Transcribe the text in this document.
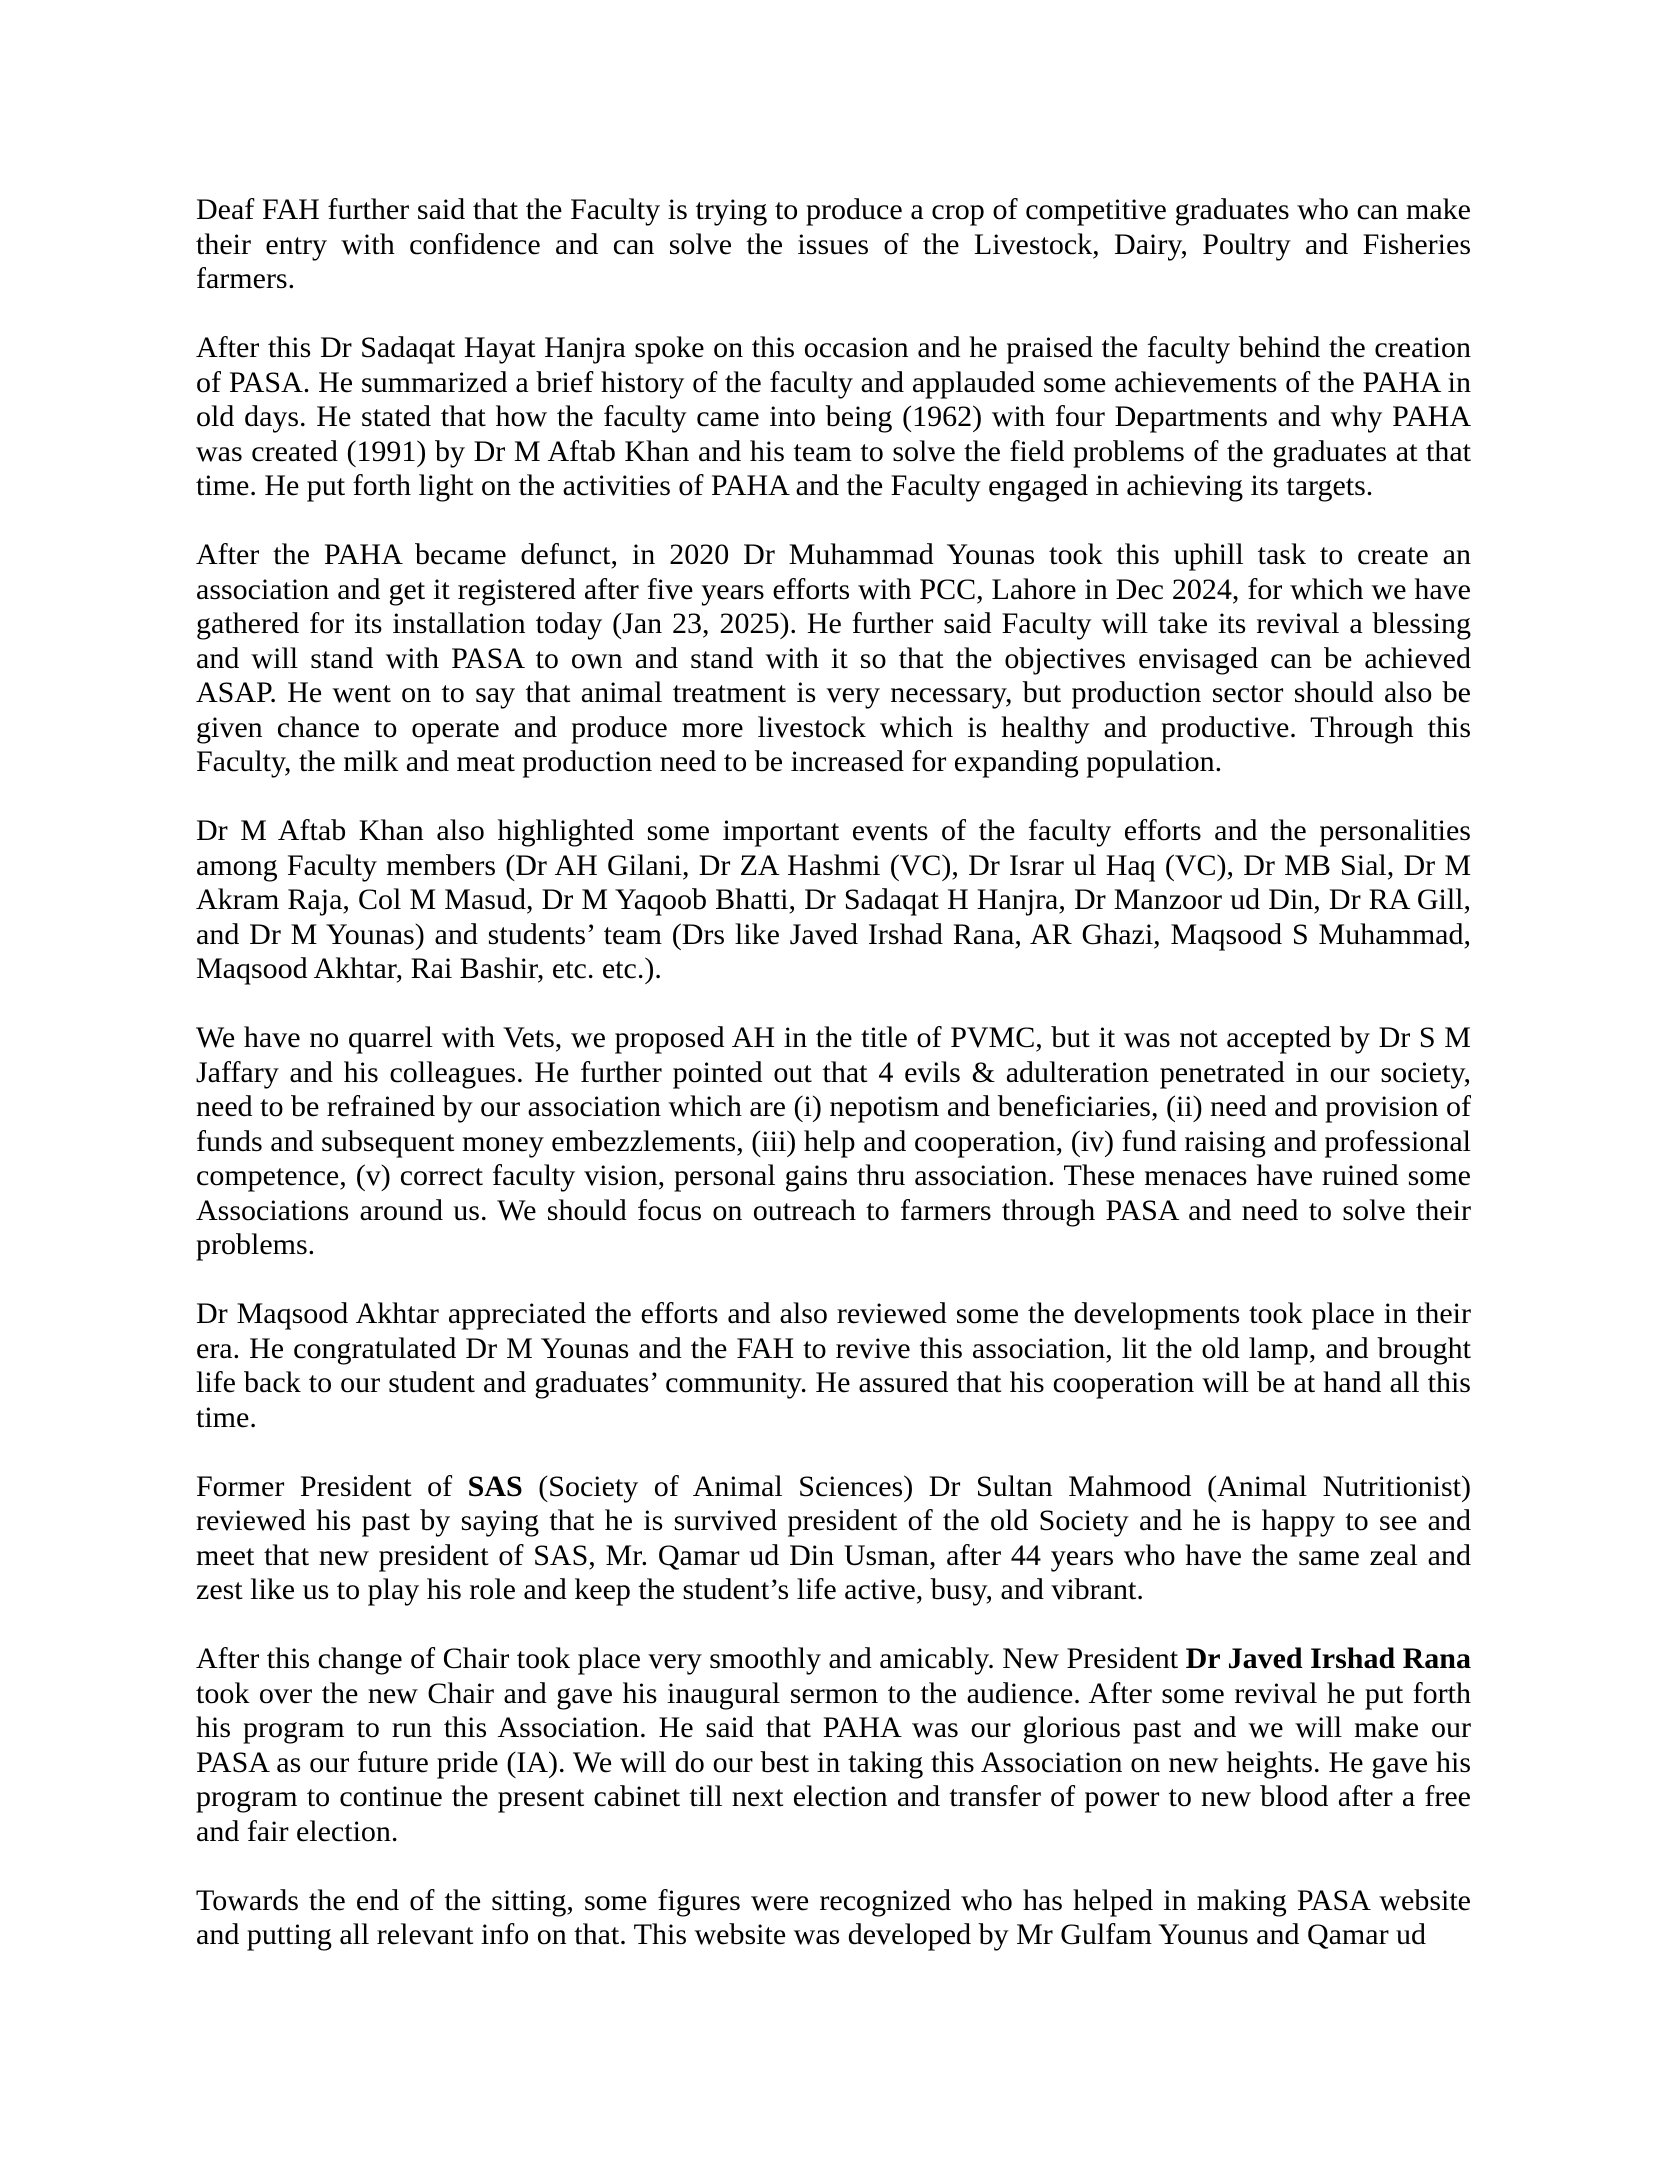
Deaf FAH further said that the Faculty is trying to produce a crop of competitive graduates who can make their entry with confidence and can solve the issues of the Livestock, Dairy, Poultry and Fisheries farmers.

After this Dr Sadaqat Hayat Hanjra spoke on this occasion and he praised the faculty behind the creation of PASA. He summarized a brief history of the faculty and applauded some achievements of the PAHA in old days. He stated that how the faculty came into being (1962) with four Departments and why PAHA was created (1991) by Dr M Aftab Khan and his team to solve the field problems of the graduates at that time. He put forth light on the activities of PAHA and the Faculty engaged in achieving its targets.

After the PAHA became defunct, in 2020 Dr Muhammad Younas took this uphill task to create an association and get it registered after five years efforts with PCC, Lahore in Dec 2024, for which we have gathered for its installation today (Jan 23, 2025). He further said Faculty will take its revival a blessing and will stand with PASA to own and stand with it so that the objectives envisaged can be achieved ASAP. He went on to say that animal treatment is very necessary, but production sector should also be given chance to operate and produce more livestock which is healthy and productive. Through this Faculty, the milk and meat production need to be increased for expanding population.

Dr M Aftab Khan also highlighted some important events of the faculty efforts and the personalities among Faculty members (Dr AH Gilani, Dr ZA Hashmi (VC), Dr Israr ul Haq (VC), Dr MB Sial, Dr M Akram Raja, Col M Masud, Dr M Yaqoob Bhatti, Dr Sadaqat H Hanjra, Dr Manzoor ud Din, Dr RA Gill, and Dr M Younas) and students’ team (Drs like Javed Irshad Rana, AR Ghazi, Maqsood S Muhammad, Maqsood Akhtar, Rai Bashir, etc. etc.).

We have no quarrel with Vets, we proposed AH in the title of PVMC, but it was not accepted by Dr S M Jaffary and his colleagues. He further pointed out that 4 evils & adulteration penetrated in our society, need to be refrained by our association which are (i) nepotism and beneficiaries, (ii) need and provision of funds and subsequent money embezzlements, (iii) help and cooperation, (iv) fund raising and professional competence, (v) correct faculty vision, personal gains thru association. These menaces have ruined some Associations around us. We should focus on outreach to farmers through PASA and need to solve their problems.

Dr Maqsood Akhtar appreciated the efforts and also reviewed some the developments took place in their era. He congratulated Dr M Younas and the FAH to revive this association, lit the old lamp, and brought life back to our student and graduates’ community. He assured that his cooperation will be at hand all this time.

Former President of SAS (Society of Animal Sciences) Dr Sultan Mahmood (Animal Nutritionist) reviewed his past by saying that he is survived president of the old Society and he is happy to see and meet that new president of SAS, Mr. Qamar ud Din Usman, after 44 years who have the same zeal and zest like us to play his role and keep the student’s life active, busy, and vibrant.

After this change of Chair took place very smoothly and amicably. New President Dr Javed Irshad Rana took over the new Chair and gave his inaugural sermon to the audience. After some revival he put forth his program to run this Association. He said that PAHA was our glorious past and we will make our PASA as our future pride (IA). We will do our best in taking this Association on new heights. He gave his program to continue the present cabinet till next election and transfer of power to new blood after a free and fair election.

Towards the end of the sitting, some figures were recognized who has helped in making PASA website and putting all relevant info on that. This website was developed by Mr Gulfam Younus and Qamar ud
